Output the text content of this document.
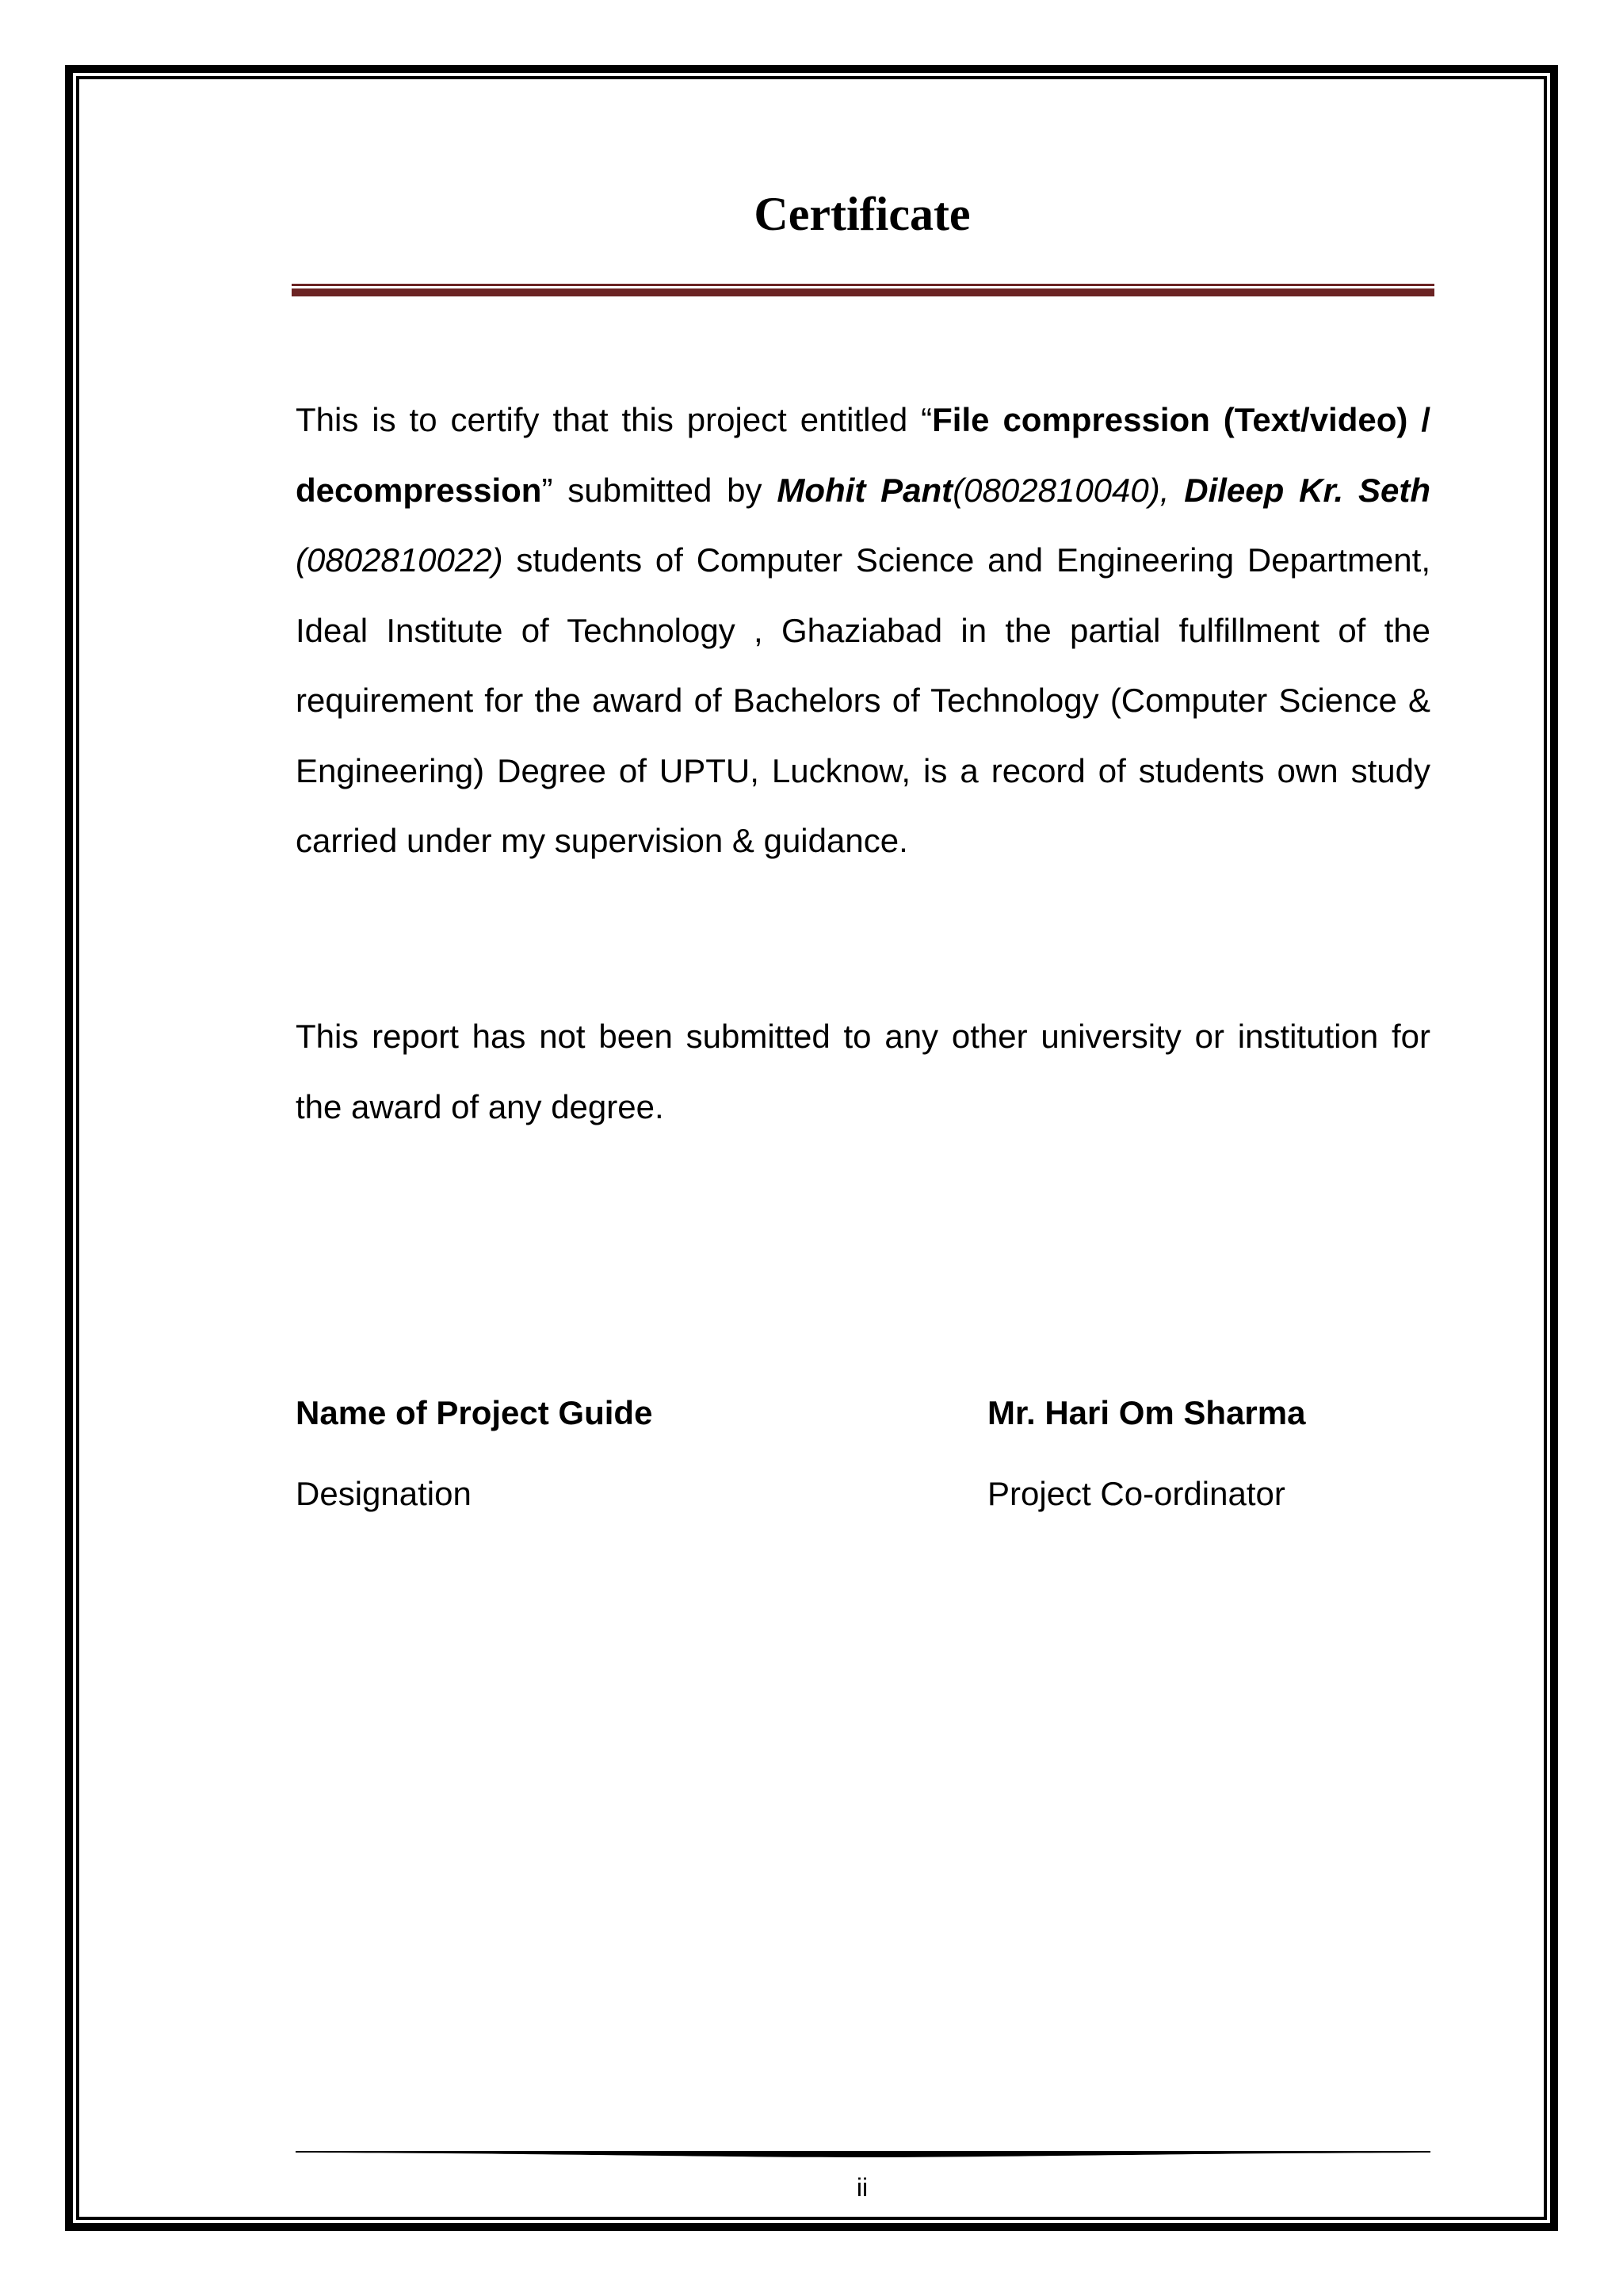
Certificate
This is to certify that this project entitled “File compression (Text/video) / decompression” submitted by Mohit Pant(0802810040), Dileep Kr. Seth (0802810022) students of Computer Science and Engineering Department, Ideal Institute of Technology , Ghaziabad in the partial fulfillment of the requirement for the award of Bachelors of Technology (Computer Science & Engineering) Degree of UPTU, Lucknow, is a record of students own study carried under my supervision & guidance.
This report has not been submitted to any other university or institution for the award of any degree.
Name of Project Guide
Designation
Mr. Hari Om Sharma
Project Co-ordinator
ii
